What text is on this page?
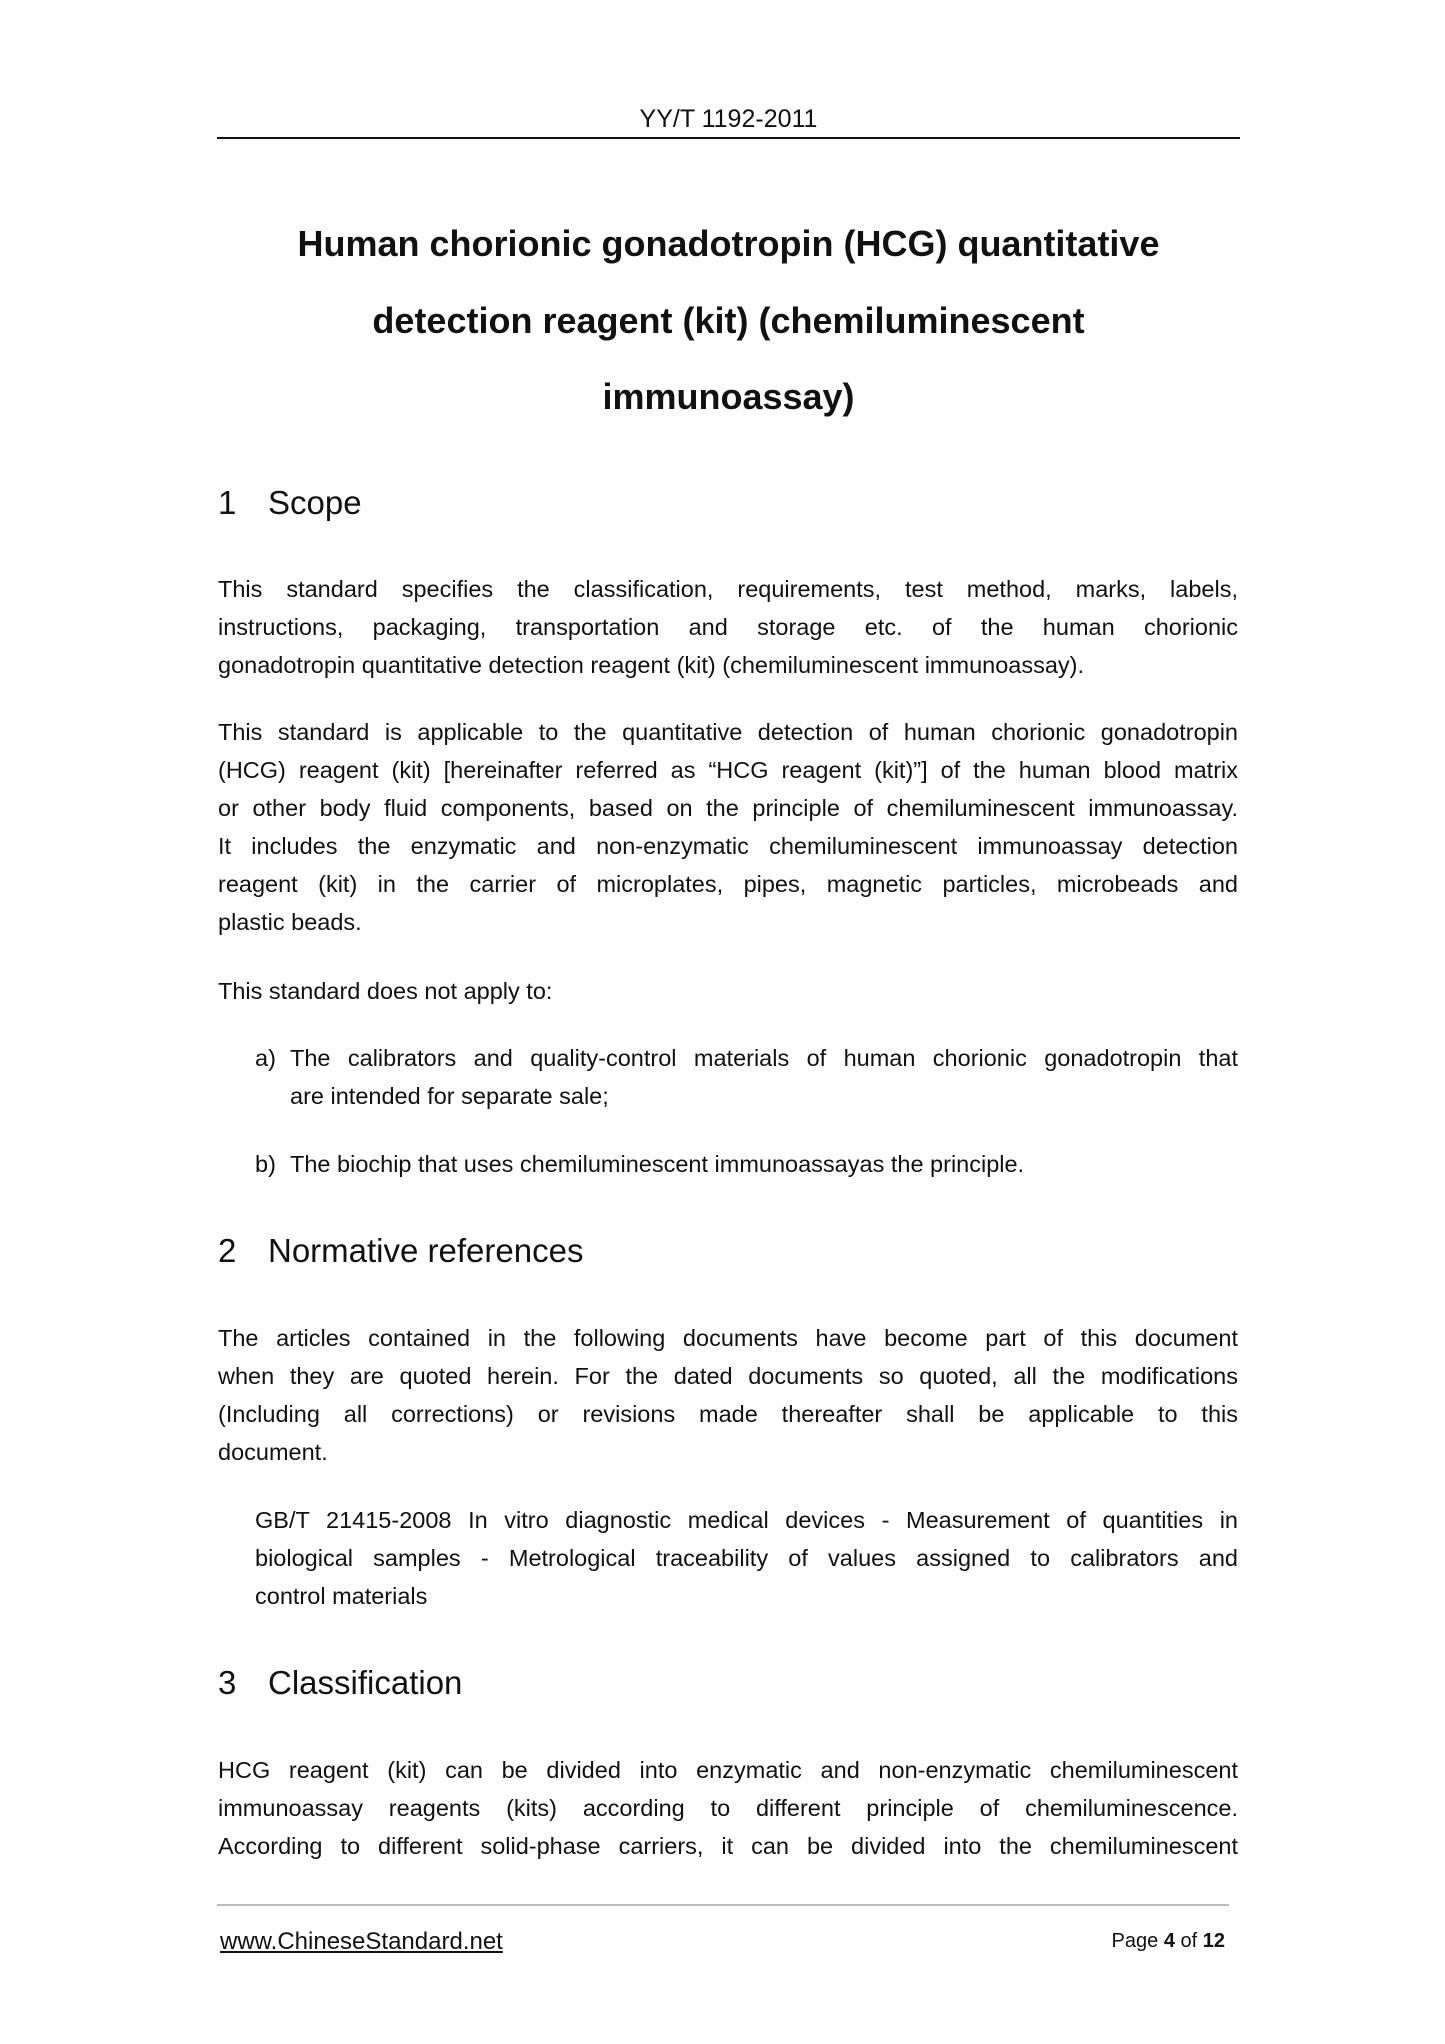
YY/T 1192-2011
Human chorionic gonadotropin (HCG) quantitative
detection reagent (kit) (chemiluminescent
immunoassay)
1 Scope
This standard specifies the classification, requirements, test method, marks, labels,
instructions, packaging, transportation and storage etc. of the human chorionic
gonadotropin quantitative detection reagent (kit) (chemiluminescent immunoassay).
This standard is applicable to the quantitative detection of human chorionic gonadotropin
(HCG) reagent (kit) [hereinafter referred as “HCG reagent (kit)”] of the human blood matrix
or other body fluid components, based on the principle of chemiluminescent immunoassay.
It includes the enzymatic and non-enzymatic chemiluminescent immunoassay detection
reagent (kit) in the carrier of microplates, pipes, magnetic particles, microbeads and
plastic beads.
This standard does not apply to:
a) The calibrators and quality-control materials of human chorionic gonadotropin that
are intended for separate sale;
b) The biochip that uses chemiluminescent immunoassayas the principle.
2 Normative references
The articles contained in the following documents have become part of this document
when they are quoted herein. For the dated documents so quoted, all the modifications
(Including all corrections) or revisions made thereafter shall be applicable to this
document.
GB/T 21415-2008 In vitro diagnostic medical devices - Measurement of quantities in
biological samples - Metrological traceability of values assigned to calibrators and
control materials
3 Classification
HCG reagent (kit) can be divided into enzymatic and non-enzymatic chemiluminescent
immunoassay reagents (kits) according to different principle of chemiluminescence.
According to different solid-phase carriers, it can be divided into the chemiluminescent
www.ChineseStandard.net	Page 4 of 12
